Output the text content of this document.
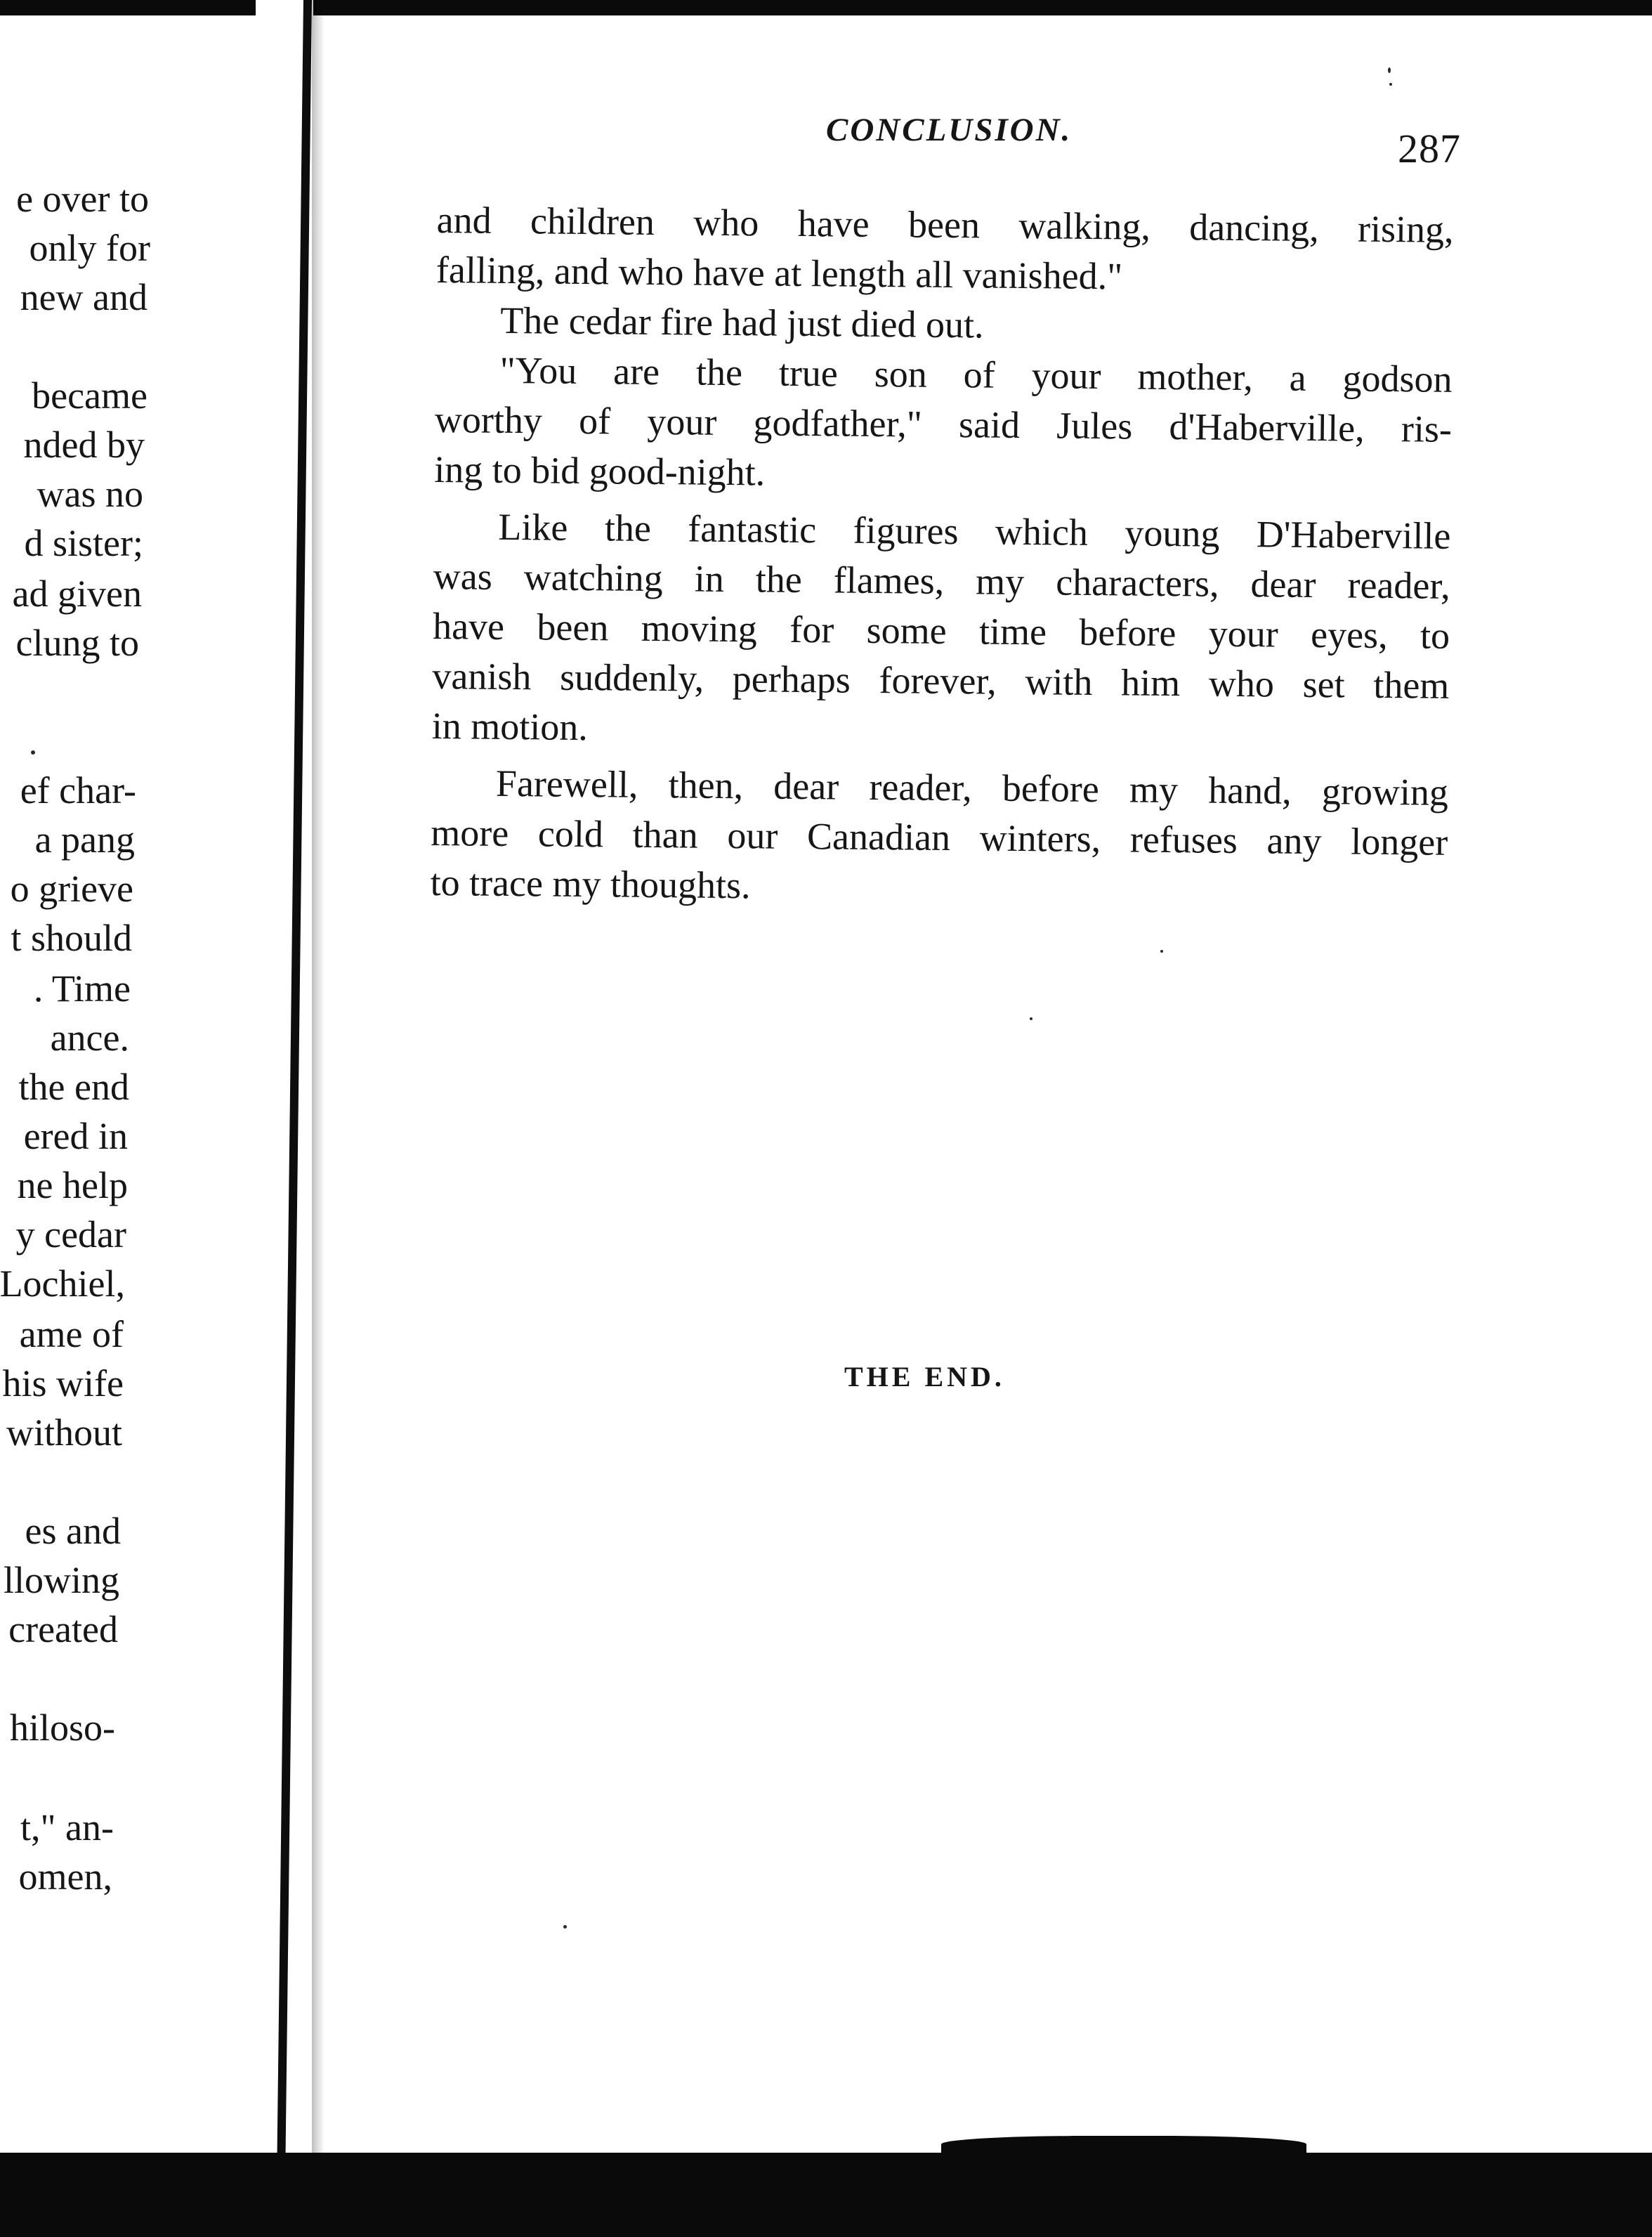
e over to
only for
new and
became
nded by
was no
d sister;
ad given
clung to
ef char-
a pang
o grieve
t should
. Time
ance.
the end
ered in
ne help
y cedar
Lochiel,
ame of
his wife
without
es and
llowing
created
hiloso-
t," an-
omen,
CONCLUSION.	287
and children who have been walking, dancing, rising,
falling, and who have at length all vanished."
The cedar fire had just died out.
"You are the true son of your mother, a godson
worthy of your godfather," said Jules d'Haberville, ris-
ing to bid good-night.
Like the fantastic figures which young D'Haberville
was watching in the flames, my characters, dear reader,
have been moving for some time before your eyes, to
vanish suddenly, perhaps forever, with him who set them
in motion.
Farewell, then, dear reader, before my hand, growing
more cold than our Canadian winters, refuses any longer
to trace my thoughts.
THE END.
